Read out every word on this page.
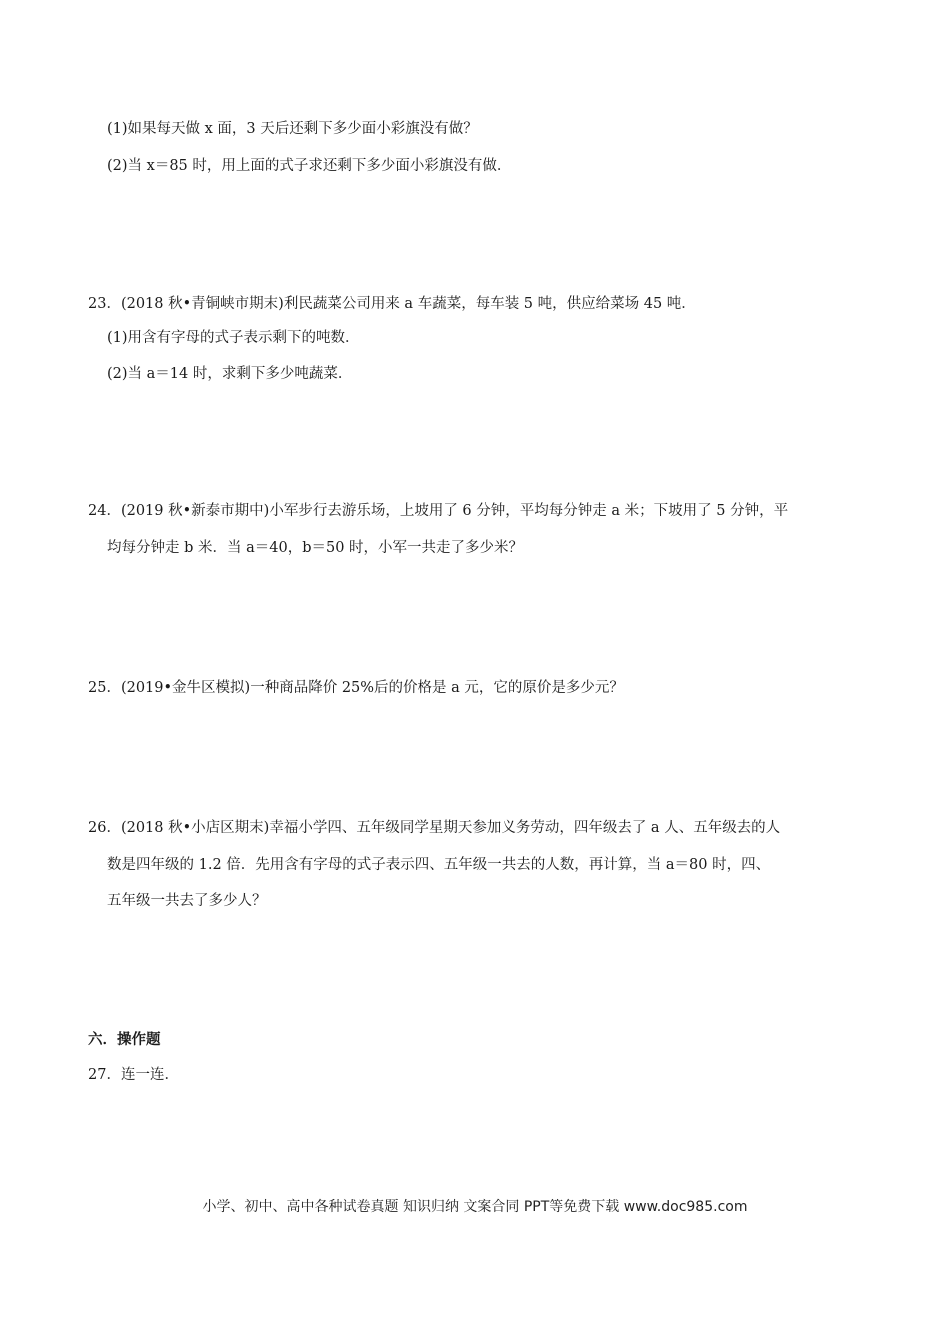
(1)如果每天做 x 面，3 天后还剩下多少面小彩旗没有做？
(2)当 x＝85 时，用上面的式子求还剩下多少面小彩旗没有做．
23．(2018 秋•青铜峡市期末)利民蔬菜公司用来 a 车蔬菜，每车装 5 吨，供应给菜场 45 吨．
(1)用含有字母的式子表示剩下的吨数．
(2)当 a＝14 时，求剩下多少吨蔬菜．
24．(2019 秋•新泰市期中)小军步行去游乐场，上坡用了 6 分钟，平均每分钟走 a 米；下坡用了 5 分钟，平
均每分钟走 b 米．当 a＝40，b＝50 时，小军一共走了多少米？
25．(2019•金牛区模拟)一种商品降价 25%后的价格是 a 元，它的原价是多少元？
26．(2018 秋•小店区期末)幸福小学四、五年级同学星期天参加义务劳动，四年级去了 a 人、五年级去的人
数是四年级的 1.2 倍．先用含有字母的式子表示四、五年级一共去的人数，再计算，当 a＝80 时，四、
五年级一共去了多少人？
六．操作题
27．连一连．
小学、初中、高中各种试卷真题 知识归纳 文案合同 PPT等免费下载 www.doc985.com
